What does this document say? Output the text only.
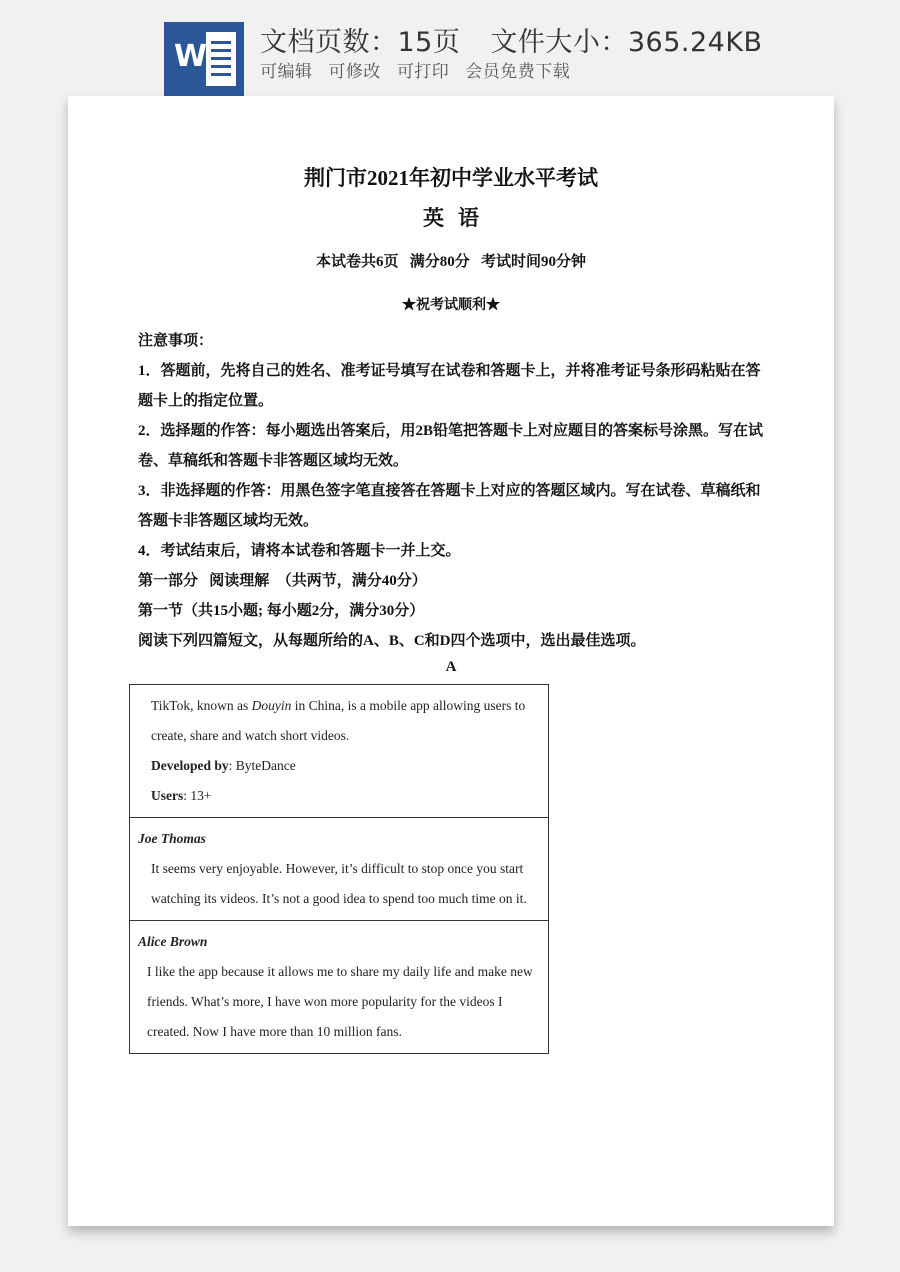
W 文档页数：15页 文件大小：365.24KB
可编辑 可修改 可打印 会员免费下载
荆门市2021年初中学业水平考试
英语
本试卷共6页   满分80分   考试时间90分钟
★祝考试顺利★

注意事项：

1．答题前，先将自己的姓名、准考证号填写在试卷和答题卡上，并将准考证号条形码粘贴在答题卡上的指定位置。

2．选择题的作答：每小题选出答案后，用2B铅笔把答题卡上对应题目的答案标号涂黑。写在试卷、草稿纸和答题卡非答题区域均无效。

3．非选择题的作答：用黑色签字笔直接答在答题卡上对应的答题区域内。写在试卷、草稿纸和答题卡非答题区域均无效。

4．考试结束后，请将本试卷和答题卡一并上交。

第一部分   阅读理解  （共两节，满分40分）

第一节（共15小题; 每小题2分，满分30分）

阅读下列四篇短文，从每题所给的A、B、C和D四个选项中，选出最佳选项。

A
TikTok, known as Douyin in China, is a mobile app allowing users to create, share and watch short videos.
Developed by: ByteDance
Users: 13+
Joe Thomas
It seems very enjoyable. However, it’s difficult to stop once you start watching its videos. It’s not a good idea to spend too much time on it.
Alice Brown
I like the app because it allows me to share my daily life and make new friends. What’s more, I have won more popularity for the videos I created. Now I have more than 10 million fans.
